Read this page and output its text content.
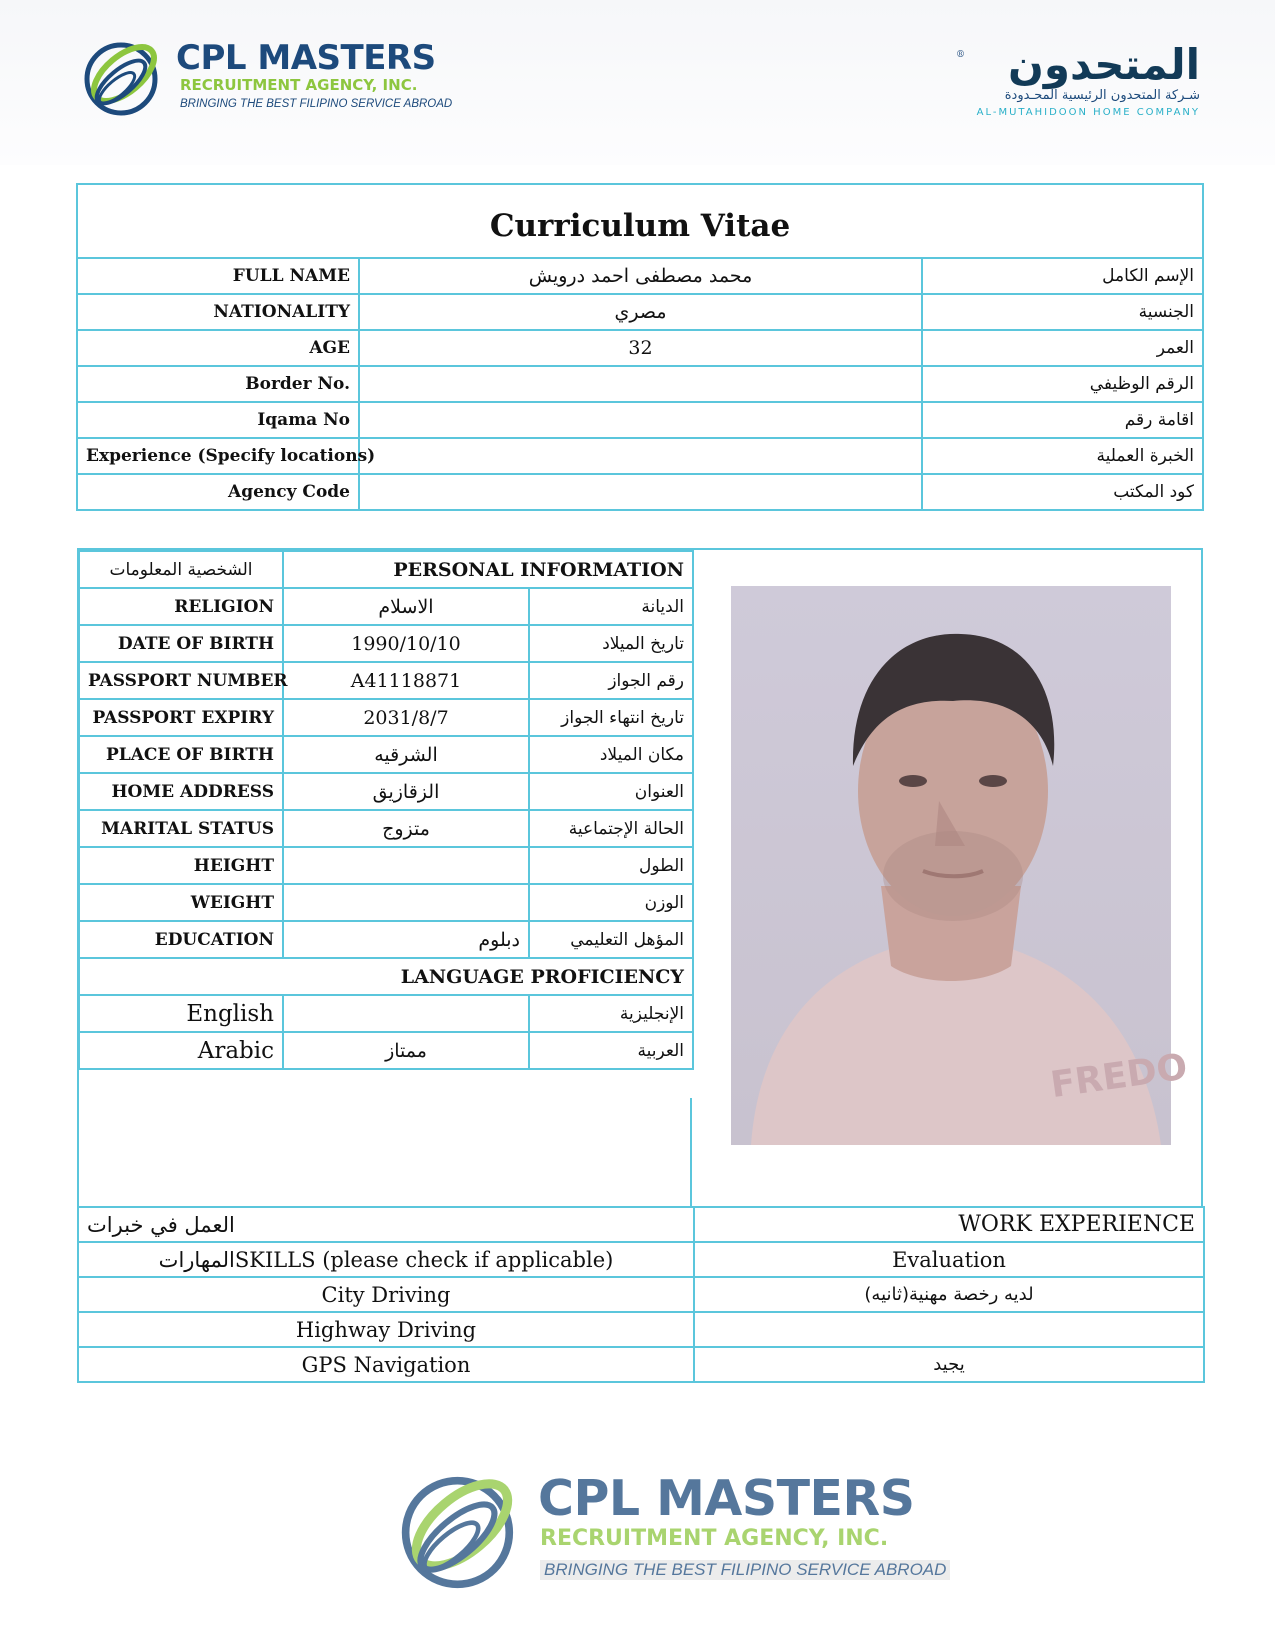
CPL MASTERS
RECRUITMENT AGENCY, INC.
BRINGING THE BEST FILIPINO SERVICE ABROAD
® المتحدون
شـركة المتحدون الرئيسية المحـدودة
AL-MUTAHIDOON HOME COMPANY
Curriculum Vitae		
FULL NAME	محمد مصطفى احمد درويش	الإسم الكامل
NATIONALITY	مصري	الجنسية
AGE	32	العمر
Border No.		الرقم الوظيفي
Iqama No		اقامة رقم
Experience (Specify locations)		الخبرة العملية
Agency Code		كود المكتب
الشخصية المعلومات	PERSONAL INFORMATION	
RELIGION	الاسلام	الديانة
DATE OF BIRTH	1990/10/10	تاريخ الميلاد
PASSPORT NUMBER	A41118871	رقم الجواز
PASSPORT EXPIRY	2031/8/7	تاريخ انتهاء الجواز
PLACE OF BIRTH	الشرقيه	مكان الميلاد
HOME ADDRESS	الزقازيق	العنوان
MARITAL STATUS	متزوج	الحالة الإجتماعية
HEIGHT		الطول
WEIGHT		الوزن
EDUCATION	دبلوم	المؤهل التعليمي
LANGUAGE PROFICIENCY		
English		الإنجليزية
Arabic	ممتاز	العربية	FREDO
العمل في خبرات	WORK EXPERIENCE
المهاراتSKILLS (please check if applicable)	Evaluation
City Driving	لديه رخصة مهنية(ثانيه)
Highway Driving	
GPS Navigation	يجيد
CPL MASTERS
RECRUITMENT AGENCY, INC.
BRINGING THE BEST FILIPINO SERVICE ABROAD
